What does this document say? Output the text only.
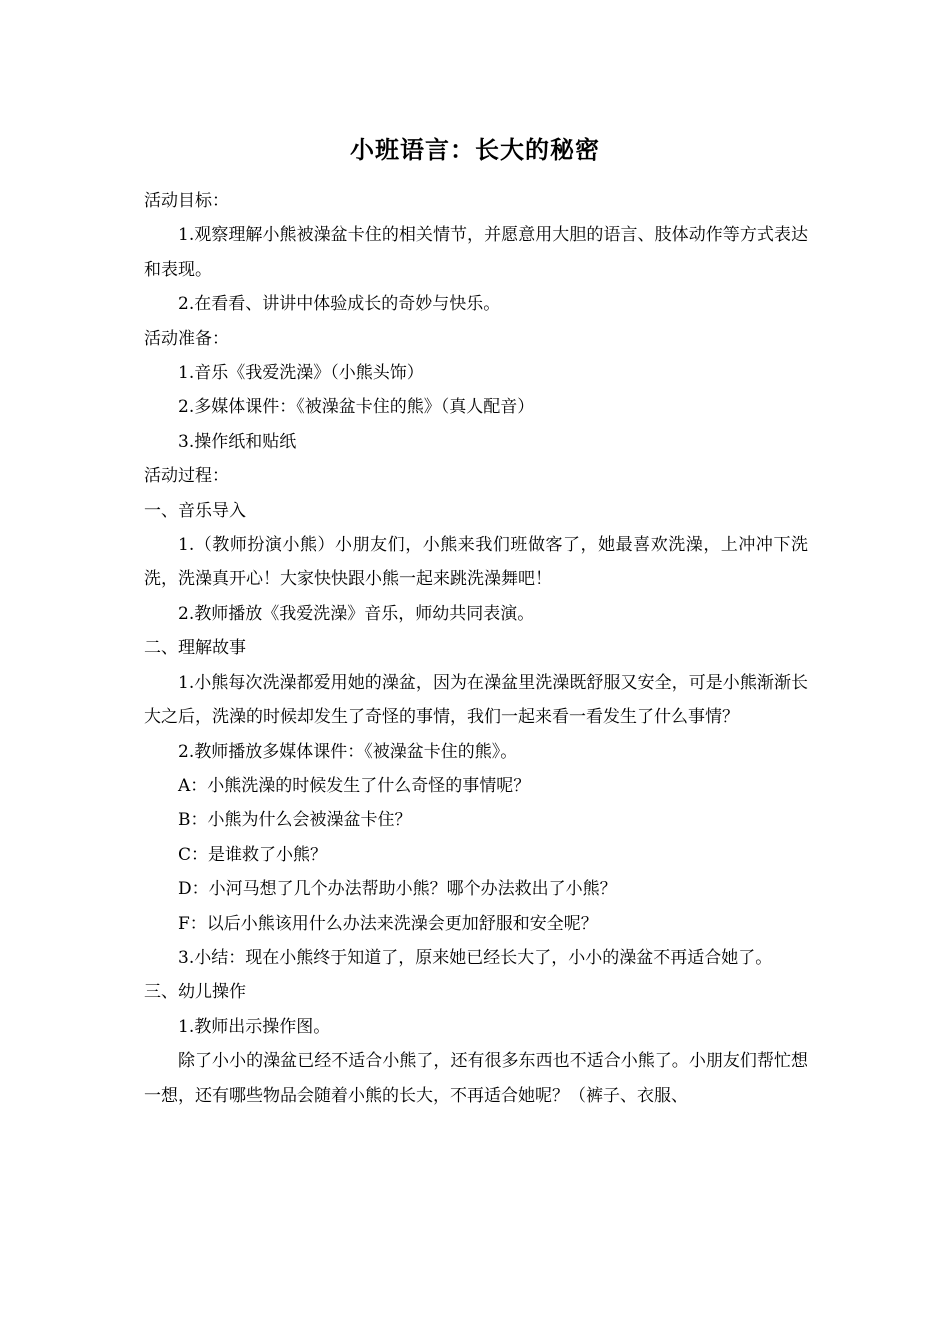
小班语言：长大的秘密

活动目标：

1.观察理解小熊被澡盆卡住的相关情节，并愿意用大胆的语言、肢体动作等方式表达和表现。

2.在看看、讲讲中体验成长的奇妙与快乐。

活动准备：

1.音乐《我爱洗澡》（小熊头饰）

2.多媒体课件：《被澡盆卡住的熊》（真人配音）

3.操作纸和贴纸

活动过程：

一、音乐导入

1.（教师扮演小熊）小朋友们，小熊来我们班做客了，她最喜欢洗澡，上冲冲下洗洗，洗澡真开心！大家快快跟小熊一起来跳洗澡舞吧！

2.教师播放《我爱洗澡》音乐，师幼共同表演。

二、理解故事

1.小熊每次洗澡都爱用她的澡盆，因为在澡盆里洗澡既舒服又安全，可是小熊渐渐长大之后，洗澡的时候却发生了奇怪的事情，我们一起来看一看发生了什么事情？

2.教师播放多媒体课件：《被澡盆卡住的熊》。

A：小熊洗澡的时候发生了什么奇怪的事情呢？

B：小熊为什么会被澡盆卡住？

C：是谁救了小熊？

D：小河马想了几个办法帮助小熊？哪个办法救出了小熊？

F：以后小熊该用什么办法来洗澡会更加舒服和安全呢？

3.小结：现在小熊终于知道了，原来她已经长大了，小小的澡盆不再适合她了。

三、幼儿操作

1.教师出示操作图。

除了小小的澡盆已经不适合小熊了，还有很多东西也不适合小熊了。小朋友们帮忙想一想，还有哪些物品会随着小熊的长大，不再适合她呢？（裤子、衣服、
